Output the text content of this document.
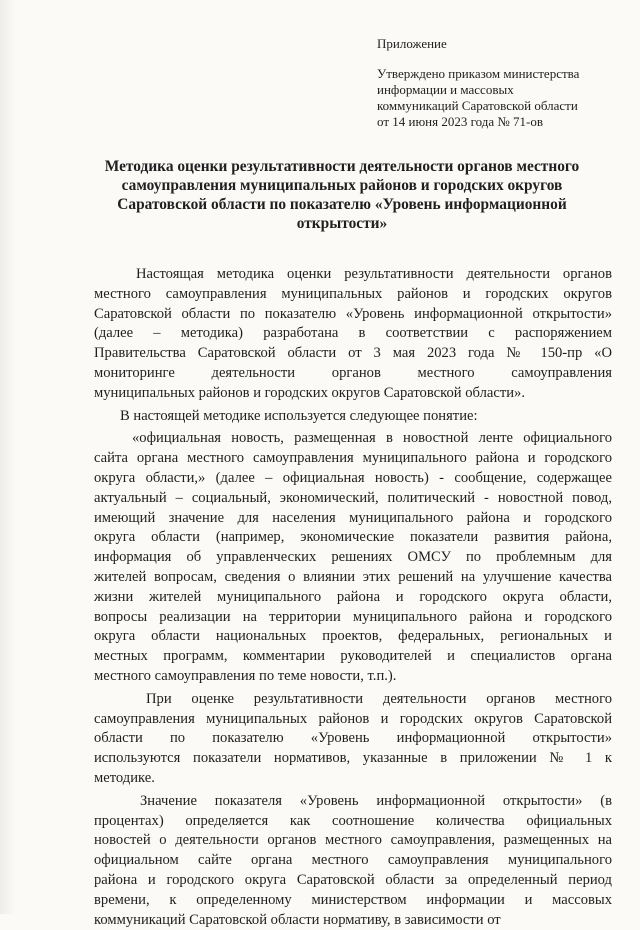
Приложение
Утверждено приказом министерства
информации и массовых
коммуникаций Саратовской области
от 14 июня 2023 года № 71-ов
Методика оценки результативности деятельности органов местного
самоуправления муниципальных районов и городских округов
Саратовской области по показателю «Уровень информационной
открытости»
Настоящая методика оценки результативности деятельности органов
местного самоуправления муниципальных районов и городских округов
Саратовской области по показателю «Уровень информационной открытости»
(далее – методика) разработана в соответствии с распоряжением
Правительства Саратовской области от 3 мая 2023 года № 150-пр «О
мониторинге деятельности органов местного самоуправления
муниципальных районов и городских округов Саратовской области».
В настоящей методике используется следующее понятие:
«официальная новость, размещенная в новостной ленте официального
сайта органа местного самоуправления муниципального района и городского
округа области,» (далее – официальная новость) - сообщение, содержащее
актуальный – социальный, экономический, политический - новостной повод,
имеющий значение для населения муниципального района и городского
округа области (например, экономические показатели развития района,
информация об управленческих решениях ОМСУ по проблемным для
жителей вопросам, сведения о влиянии этих решений на улучшение качества
жизни жителей муниципального района и городского округа области,
вопросы реализации на территории муниципального района и городского
округа области национальных проектов, федеральных, региональных и
местных программ, комментарии руководителей и специалистов органа
местного самоуправления по теме новости, т.п.).
При оценке результативности деятельности органов местного
самоуправления муниципальных районов и городских округов Саратовской
области по показателю «Уровень информационной открытости»
используются показатели нормативов, указанные в приложении № 1 к
методике.
Значение показателя «Уровень информационной открытости» (в
процентах) определяется как соотношение количества официальных
новостей о деятельности органов местного самоуправления, размещенных на
официальном сайте органа местного самоуправления муниципального
района и городского округа Саратовской области за определенный период
времени, к определенному министерством информации и массовых
коммуникаций Саратовской области нормативу, в зависимости от
